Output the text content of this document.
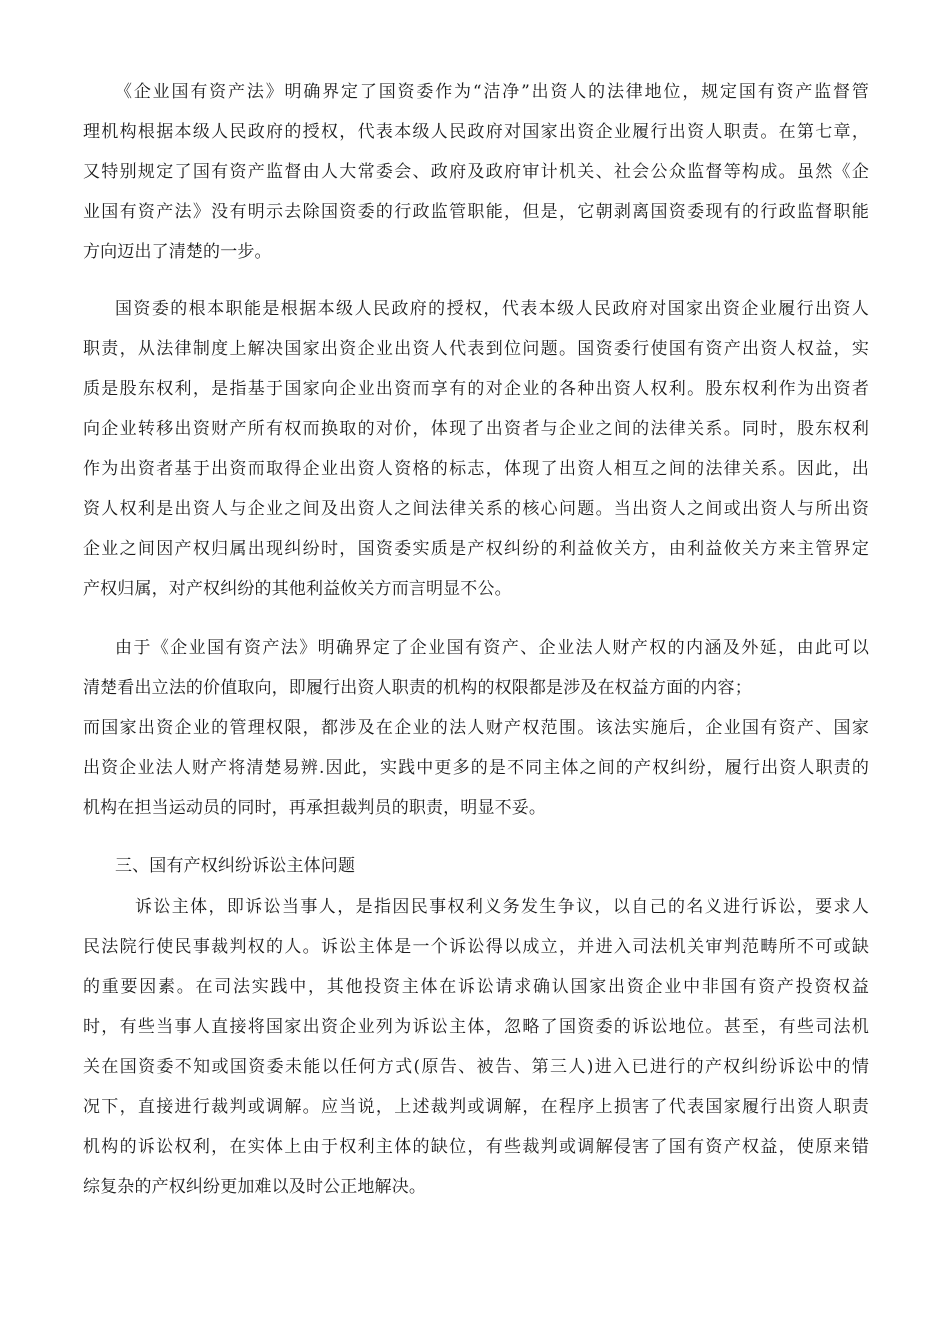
《企业国有资产法》明确界定了国资委作为“洁净”出资人的法律地位，规定国有资产监督管
理机构根据本级人民政府的授权，代表本级人民政府对国家出资企业履行出资人职责。在第七章，
又特别规定了国有资产监督由人大常委会、政府及政府审计机关、社会公众监督等构成。虽然《企
业国有资产法》没有明示去除国资委的行政监管职能，但是，它朝剥离国资委现有的行政监督职能
方向迈出了清楚的一步。
国资委的根本职能是根据本级人民政府的授权，代表本级人民政府对国家出资企业履行出资人
职责，从法律制度上解决国家出资企业出资人代表到位问题。国资委行使国有资产出资人权益，实
质是股东权利，是指基于国家向企业出资而享有的对企业的各种出资人权利。股东权利作为出资者
向企业转移出资财产所有权而换取的对价，体现了出资者与企业之间的法律关系。同时，股东权利
作为出资者基于出资而取得企业出资人资格的标志，体现了出资人相互之间的法律关系。因此，出
资人权利是出资人与企业之间及出资人之间法律关系的核心问题。当出资人之间或出资人与所出资
企业之间因产权归属出现纠纷时，国资委实质是产权纠纷的利益攸关方，由利益攸关方来主管界定
产权归属，对产权纠纷的其他利益攸关方而言明显不公。
由于《企业国有资产法》明确界定了企业国有资产、企业法人财产权的内涵及外延，由此可以
清楚看出立法的价值取向，即履行出资人职责的机构的权限都是涉及在权益方面的内容；
而国家出资企业的管理权限，都涉及在企业的法人财产权范围。该法实施后，企业国有资产、国家
出资企业法人财产将清楚易辨.因此，实践中更多的是不同主体之间的产权纠纷，履行出资人职责的
机构在担当运动员的同时，再承担裁判员的职责，明显不妥。
三、国有产权纠纷诉讼主体问题
诉讼主体，即诉讼当事人，是指因民事权利义务发生争议，以自己的名义进行诉讼，要求人
民法院行使民事裁判权的人。诉讼主体是一个诉讼得以成立，并进入司法机关审判范畴所不可或缺
的重要因素。在司法实践中，其他投资主体在诉讼请求确认国家出资企业中非国有资产投资权益
时，有些当事人直接将国家出资企业列为诉讼主体，忽略了国资委的诉讼地位。甚至，有些司法机
关在国资委不知或国资委未能以任何方式(原告、被告、第三人)进入已进行的产权纠纷诉讼中的情
况下，直接进行裁判或调解。应当说，上述裁判或调解，在程序上损害了代表国家履行出资人职责
机构的诉讼权利，在实体上由于权利主体的缺位，有些裁判或调解侵害了国有资产权益，使原来错
综复杂的产权纠纷更加难以及时公正地解决。
